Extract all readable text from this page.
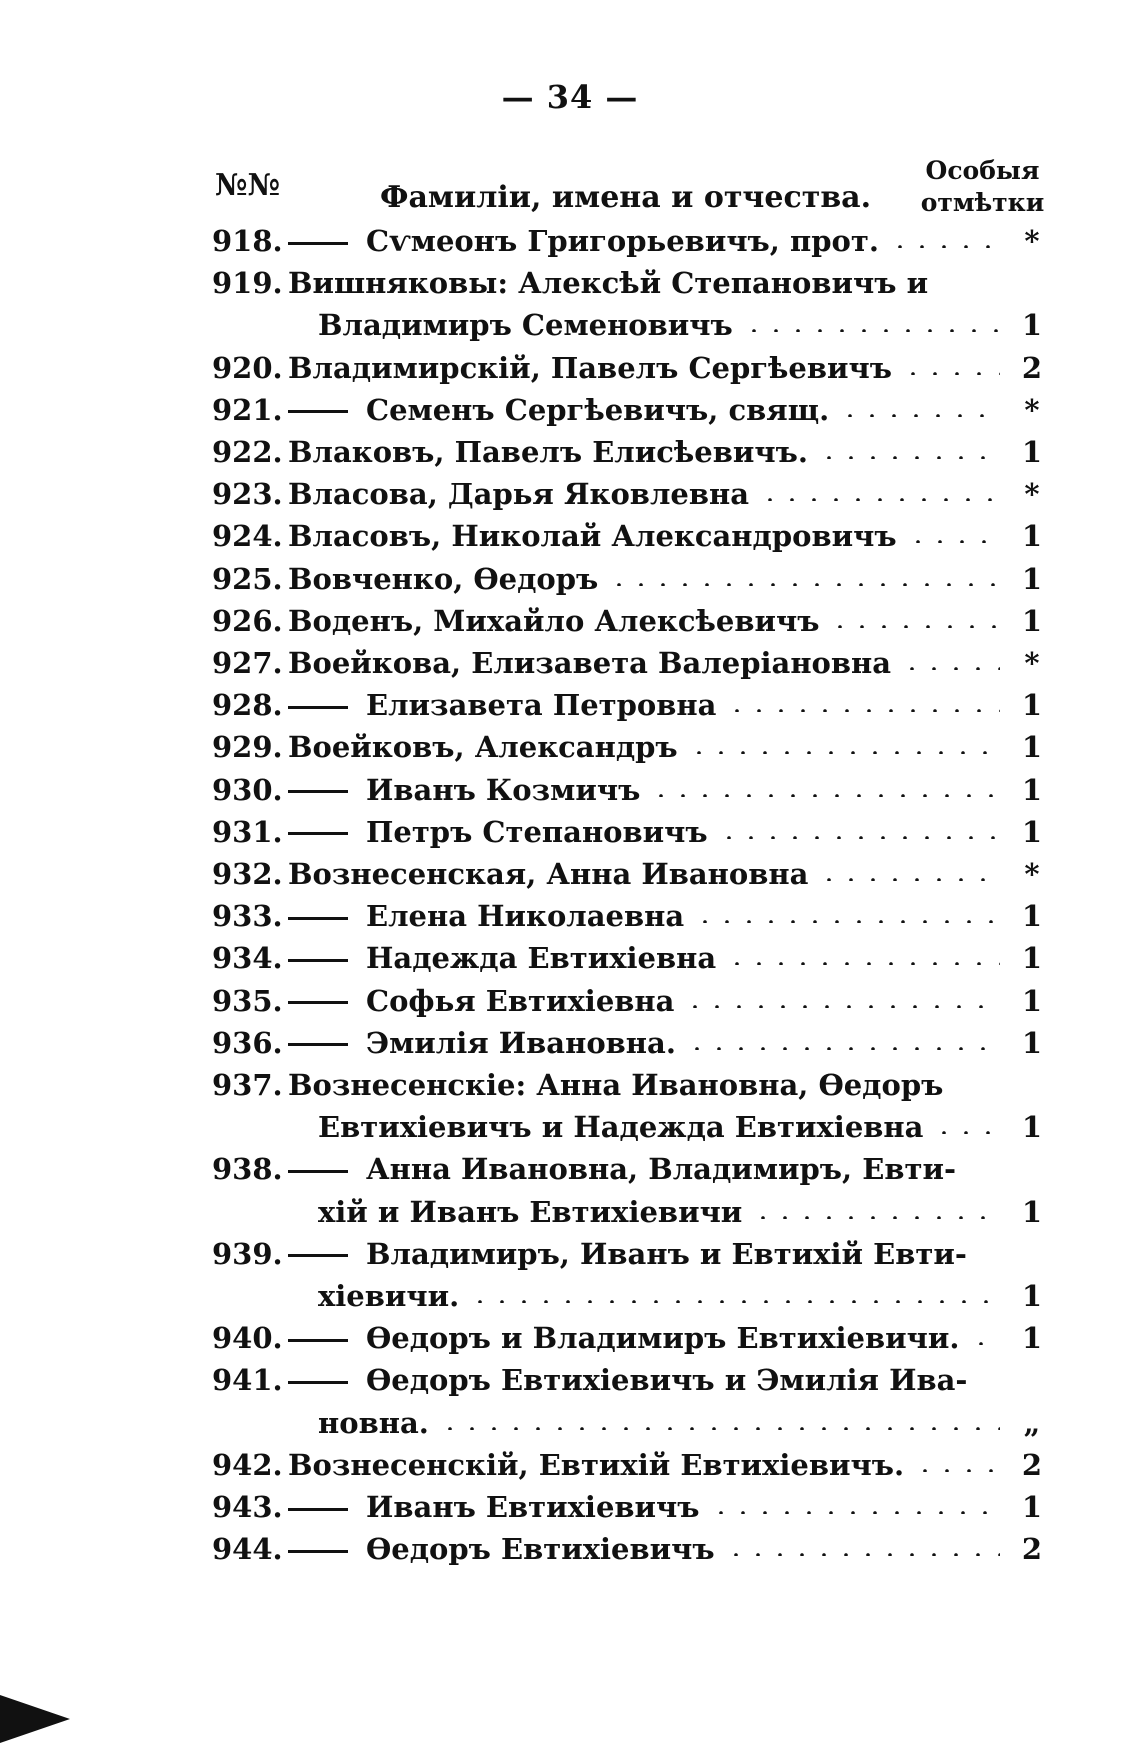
— 34 —
№№	Фамиліи, имена и отчества.
Особыя
отмѣтки
918.	Сѵмеонъ Григорьевичъ, прот.	*
919. Вишняковы: Алексѣй Степановичъ и
Владимиръ Семеновичъ	1
920. Владимирскій, Павелъ Сергѣевичъ	2
921.	Семенъ Сергѣевичъ, свящ.	*
922. Влаковъ, Павелъ Елисѣевичъ.	1
923. Власова, Дарья Яковлевна	*
924. Власовъ, Николай Александровичъ	1
925. Вовченко, Өедоръ	1
926. Воденъ, Михайло Алексѣевичъ	1
927. Воейкова, Елизавета Валеріановна	*
928.	Елизавета Петровна	1
929. Воейковъ, Александръ	1
930.	Иванъ Козмичъ	1
931.	Петръ Степановичъ	1
932. Вознесенская, Анна Ивановна	*
933.	Елена Николаевна	1
934.	Надежда Евтихіевна	1
935.	Софья Евтихіевна	1
936.	Эмилія Ивановна.	1
937. Вознесенскіе: Анна Ивановна, Өедоръ
Евтихіевичъ и Надежда Евтихіевна	1
938.	Анна Ивановна, Владимиръ, Евти-
хій и Иванъ Евтихіевичи	1
939.	Владимиръ, Иванъ и Евтихій Евти-
хіевичи.	1
940.	Өедоръ и Владимиръ Евтихіевичи.	1
941.	Өедоръ Евтихіевичъ и Эмилія Ива-
новна.	„
942. Вознесенскій, Евтихій Евтихіевичъ.	2
943.	Иванъ Евтихіевичъ	1
944.	Өедоръ Евтихіевичъ	2
